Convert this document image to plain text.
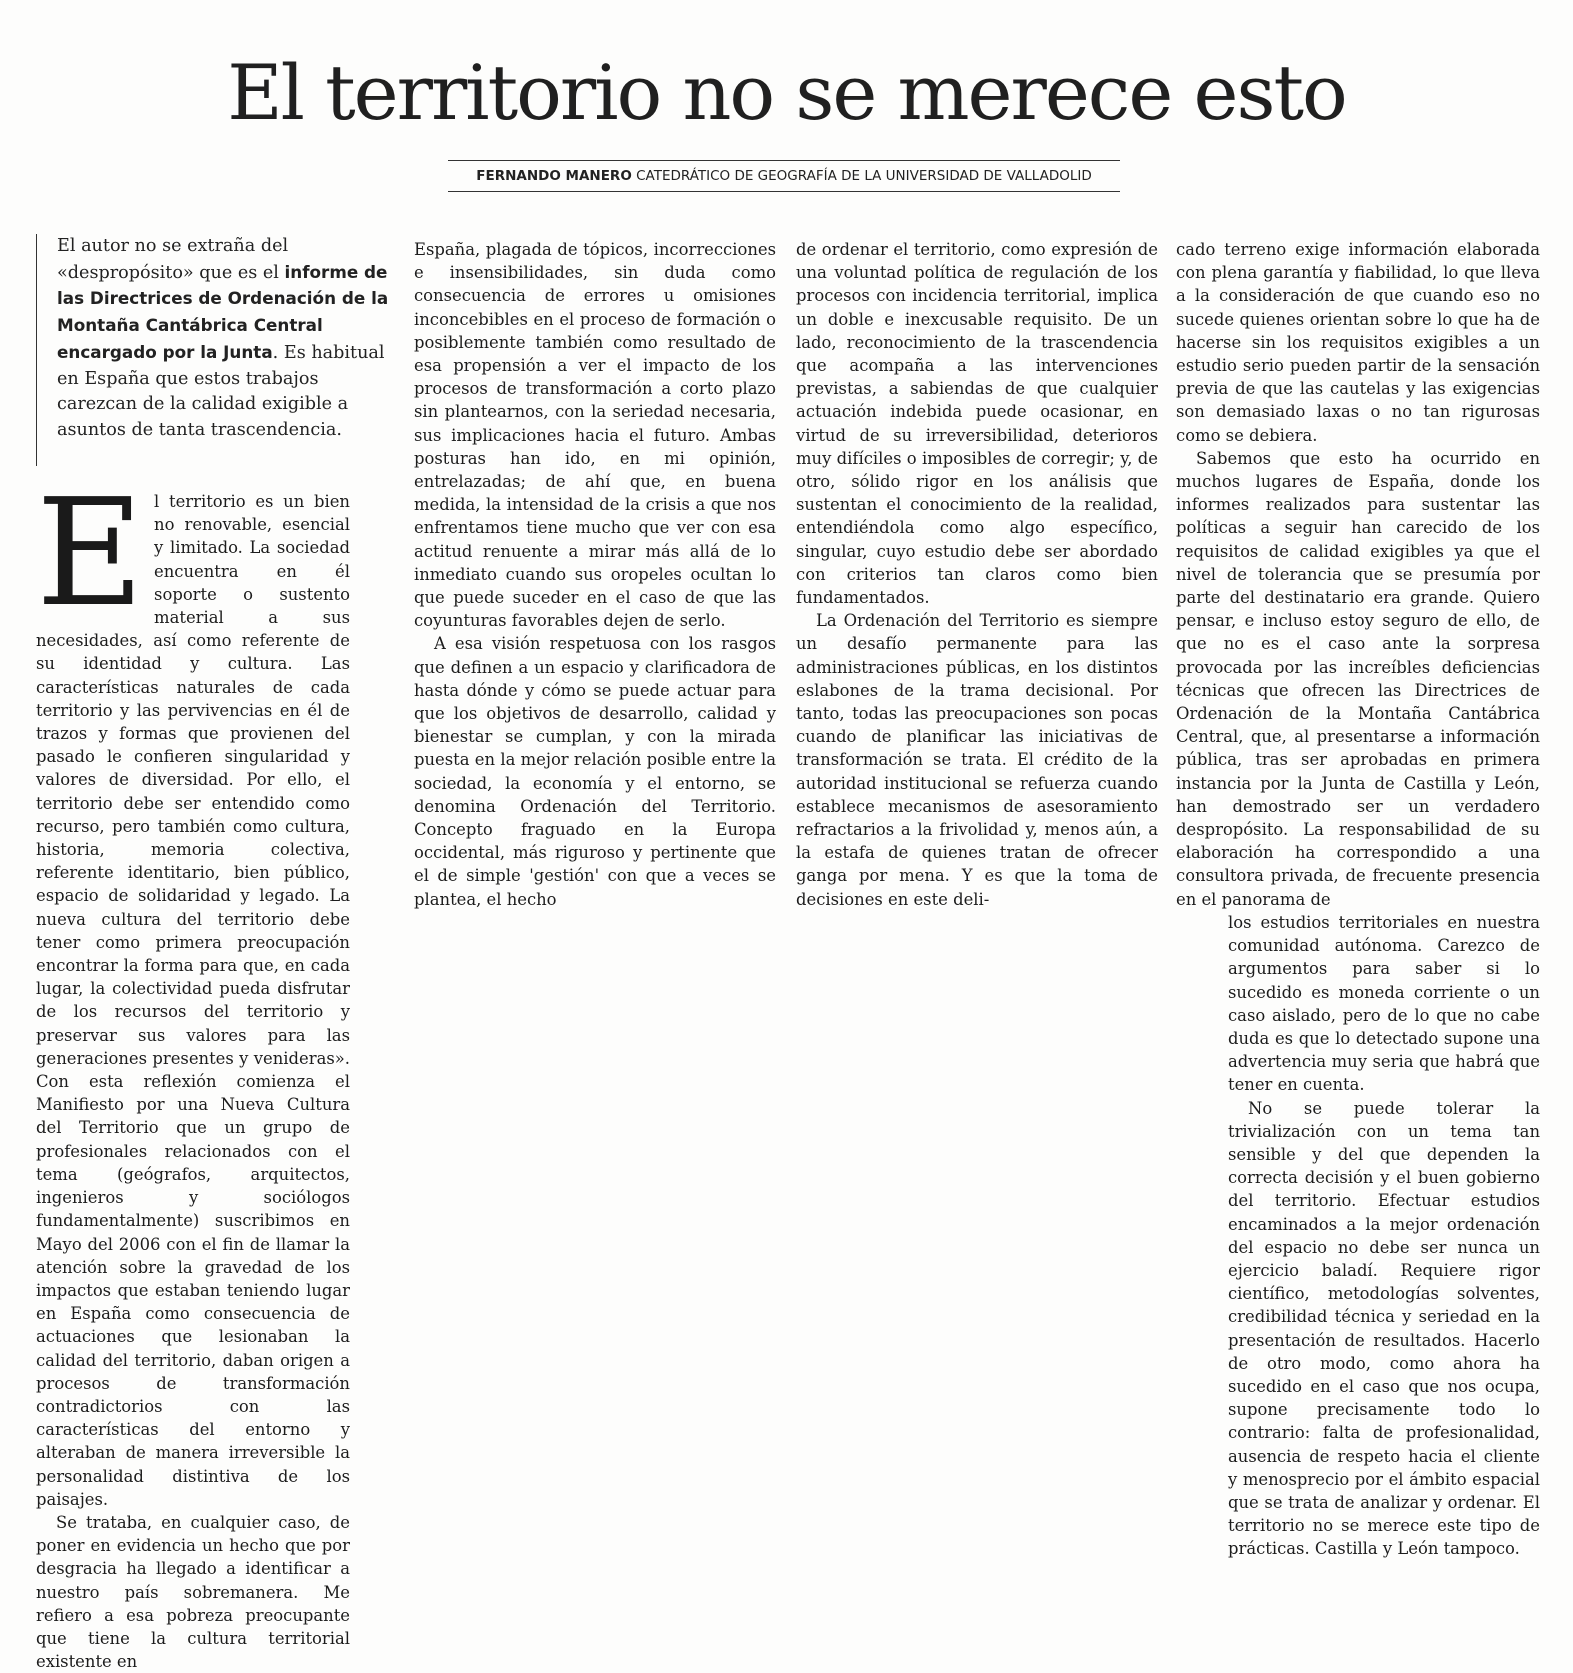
El territorio no se merece esto
FERNANDO MANERO CATEDRÁTICO DE GEOGRAFÍA DE LA UNIVERSIDAD DE VALLADOLID
El autor no se extraña del «despropósito» que es el informe de las Directrices de Ordenación de la Montaña Cantábrica Central encargado por la Junta. Es habitual en España que estos trabajos carezcan de la calidad exigible a asuntos de tanta trascendencia.

El territorio es un bien no renovable, esencial y limitado. La sociedad encuentra en él soporte o sustento material a sus necesidades, así como referente de su identidad y cultura. Las características naturales de cada territorio y las pervivencias en él de trazos y formas que provienen del pasado le confieren singularidad y valores de diversidad. Por ello, el territorio debe ser entendido como recurso, pero también como cultura, historia, memoria colectiva, referente identitario, bien público, espacio de solidaridad y legado. La nueva cultura del territorio debe tener como primera preocupación encontrar la forma para que, en cada lugar, la colectividad pueda disfrutar de los recursos del territorio y preservar sus valores para las generaciones presentes y venideras». Con esta reflexión comienza el Manifiesto por una Nueva Cultura del Territorio que un grupo de profesionales relacionados con el tema (geógrafos, arquitectos, ingenieros y sociólogos fundamentalmente) suscribimos en Mayo del 2006 con el fin de llamar la atención sobre la gravedad de los impactos que estaban teniendo lugar en España como consecuencia de actuaciones que lesionaban la calidad del territorio, daban origen a procesos de transformación contradictorios con las características del entorno y alteraban de manera irreversible la personalidad distintiva de los paisajes.

Se trataba, en cualquier caso, de poner en evidencia un hecho que por desgracia ha llegado a identificar a nuestro país sobremanera. Me refiero a esa pobreza preocupante que tiene la cultura territorial existente en

España, plagada de tópicos, incorrecciones e insensibilidades, sin duda como consecuencia de errores u omisiones inconcebibles en el proceso de formación o posiblemente también como resultado de esa propensión a ver el impacto de los procesos de transformación a corto plazo sin plantearnos, con la seriedad necesaria, sus implicaciones hacia el futuro. Ambas posturas han ido, en mi opinión, entrelazadas; de ahí que, en buena medida, la intensidad de la crisis a que nos enfrentamos tiene mucho que ver con esa actitud renuente a mirar más allá de lo inmediato cuando sus oropeles ocultan lo que puede suceder en el caso de que las coyunturas favorables dejen de serlo.

A esa visión respetuosa con los rasgos que definen a un espacio y clarificadora de hasta dónde y cómo se puede actuar para que los objetivos de desarrollo, calidad y bienestar se cumplan, y con la mirada puesta en la mejor relación posible entre la sociedad, la economía y el entorno, se denomina Ordenación del Territorio. Concepto fraguado en la Europa occidental, más riguroso y pertinente que el de simple 'gestión' con que a veces se plantea, el hecho

de ordenar el territorio, como expresión de una voluntad política de regulación de los procesos con incidencia territorial, implica un doble e inexcusable requisito. De un lado, reconocimiento de la trascendencia que acompaña a las intervenciones previstas, a sabiendas de que cualquier actuación indebida puede ocasionar, en virtud de su irreversibilidad, deterioros muy difíciles o imposibles de corregir; y, de otro, sólido rigor en los análisis que sustentan el conocimiento de la realidad, entendiéndola como algo específico, singular, cuyo estudio debe ser abordado con criterios tan claros como bien fundamentados.

La Ordenación del Territorio es siempre un desafío permanente para las administraciones públicas, en los distintos eslabones de la trama decisional. Por tanto, todas las preocupaciones son pocas cuando de planificar las iniciativas de transformación se trata. El crédito de la autoridad institucional se refuerza cuando establece mecanismos de asesoramiento refractarios a la frivolidad y, menos aún, a la estafa de quienes tratan de ofrecer ganga por mena. Y es que la toma de decisiones en este deli-

cado terreno exige información elaborada con plena garantía y fiabilidad, lo que lleva a la consideración de que cuando eso no sucede quienes orientan sobre lo que ha de hacerse sin los requisitos exigibles a un estudio serio pueden partir de la sensación previa de que las cautelas y las exigencias son demasiado laxas o no tan rigurosas como se debiera.

Sabemos que esto ha ocurrido en muchos lugares de España, donde los informes realizados para sustentar las políticas a seguir han carecido de los requisitos de calidad exigibles ya que el nivel de tolerancia que se presumía por parte del destinatario era grande. Quiero pensar, e incluso estoy seguro de ello, de que no es el caso ante la sorpresa provocada por las increíbles deficiencias técnicas que ofrecen las Directrices de Ordenación de la Montaña Cantábrica Central, que, al presentarse a información pública, tras ser aprobadas en primera instancia por la Junta de Castilla y León, han demostrado ser un verdadero despropósito. La responsabilidad de su elaboración ha correspondido a una consultora privada, de frecuente presencia en el panorama de

los estudios territoriales en nuestra comunidad autónoma. Carezco de argumentos para saber si lo sucedido es moneda corriente o un caso aislado, pero de lo que no cabe duda es que lo detectado supone una advertencia muy seria que habrá que tener en cuenta.

No se puede tolerar la trivialización con un tema tan sensible y del que dependen la correcta decisión y el buen gobierno del territorio. Efectuar estudios encaminados a la mejor ordenación del espacio no debe ser nunca un ejercicio baladí. Requiere rigor científico, metodologías solventes, credibilidad técnica y seriedad en la presentación de resultados. Hacerlo de otro modo, como ahora ha sucedido en el caso que nos ocupa, supone precisamente todo lo contrario: falta de profesionalidad, ausencia de respeto hacia el cliente y menosprecio por el ámbito espacial que se trata de analizar y ordenar. El territorio no se merece este tipo de prácticas. Castilla y León tampoco.
